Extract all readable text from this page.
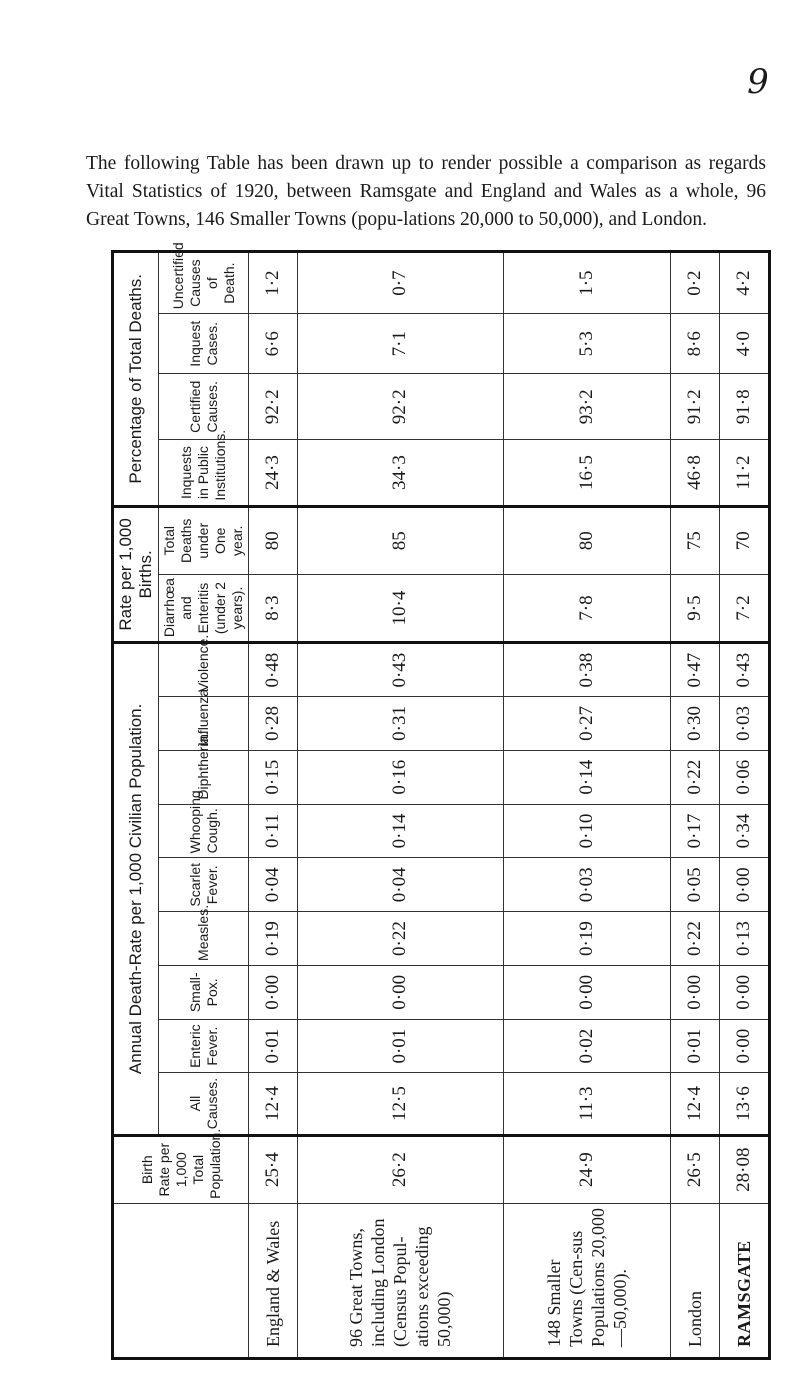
9

The following Table has been drawn up to render possible a comparison as regards Vital Statistics of 1920, between Ramsgate and England and Wales as a whole, 96 Great Towns, 146 Smaller Towns (popu-lations 20,000 to 50,000), and London.

	Birth Rate per 1,000 Total Population.	Annual Death-Rate per 1,000 Civilian Population.									Rate per 1,000 Births.		Percentage of Total Deaths.			
		All Causes.	Enteric Fever.	Small-Pox.	Measles.	Scarlet Fever.	Whooping Cough.	Diphtheria.	Influenza.	Violence.	Diarrhœa and Enteritis (under 2 years).	Total Deaths under One year.	Inquests in Public Institutions.	Certified Causes.	Inquest Cases.	Uncertified Causes of Death.
England & Wales	25·4	12·4	0·01	0·00	0·19	0·04	0·11	0·15	0·28	0·48	8·3	80	24·3	92·2	6·6	1·2
96 Great Towns, including London (Census Popul-ations exceeding 50,000)	26·2	12·5	0·01	0·00	0·22	0·04	0·14	0·16	0·31	0·43	10·4	85	34·3	92·2	7·1	0·7
148 Smaller Towns (Cen-sus Populations 20,000 —50,000).	24·9	11·3	0·02	0·00	0·19	0·03	0·10	0·14	0·27	0·38	7·8	80	16·5	93·2	5·3	1·5
London	26·5	12·4	0·01	0·00	0·22	0·05	0·17	0·22	0·30	0·47	9·5	75	46·8	91·2	8·6	0·2
RAMSGATE	28·08	13·6	0·00	0·00	0·13	0·00	0·34	0·06	0·03	0·43	7·2	70	11·2	91·8	4·0	4·2
